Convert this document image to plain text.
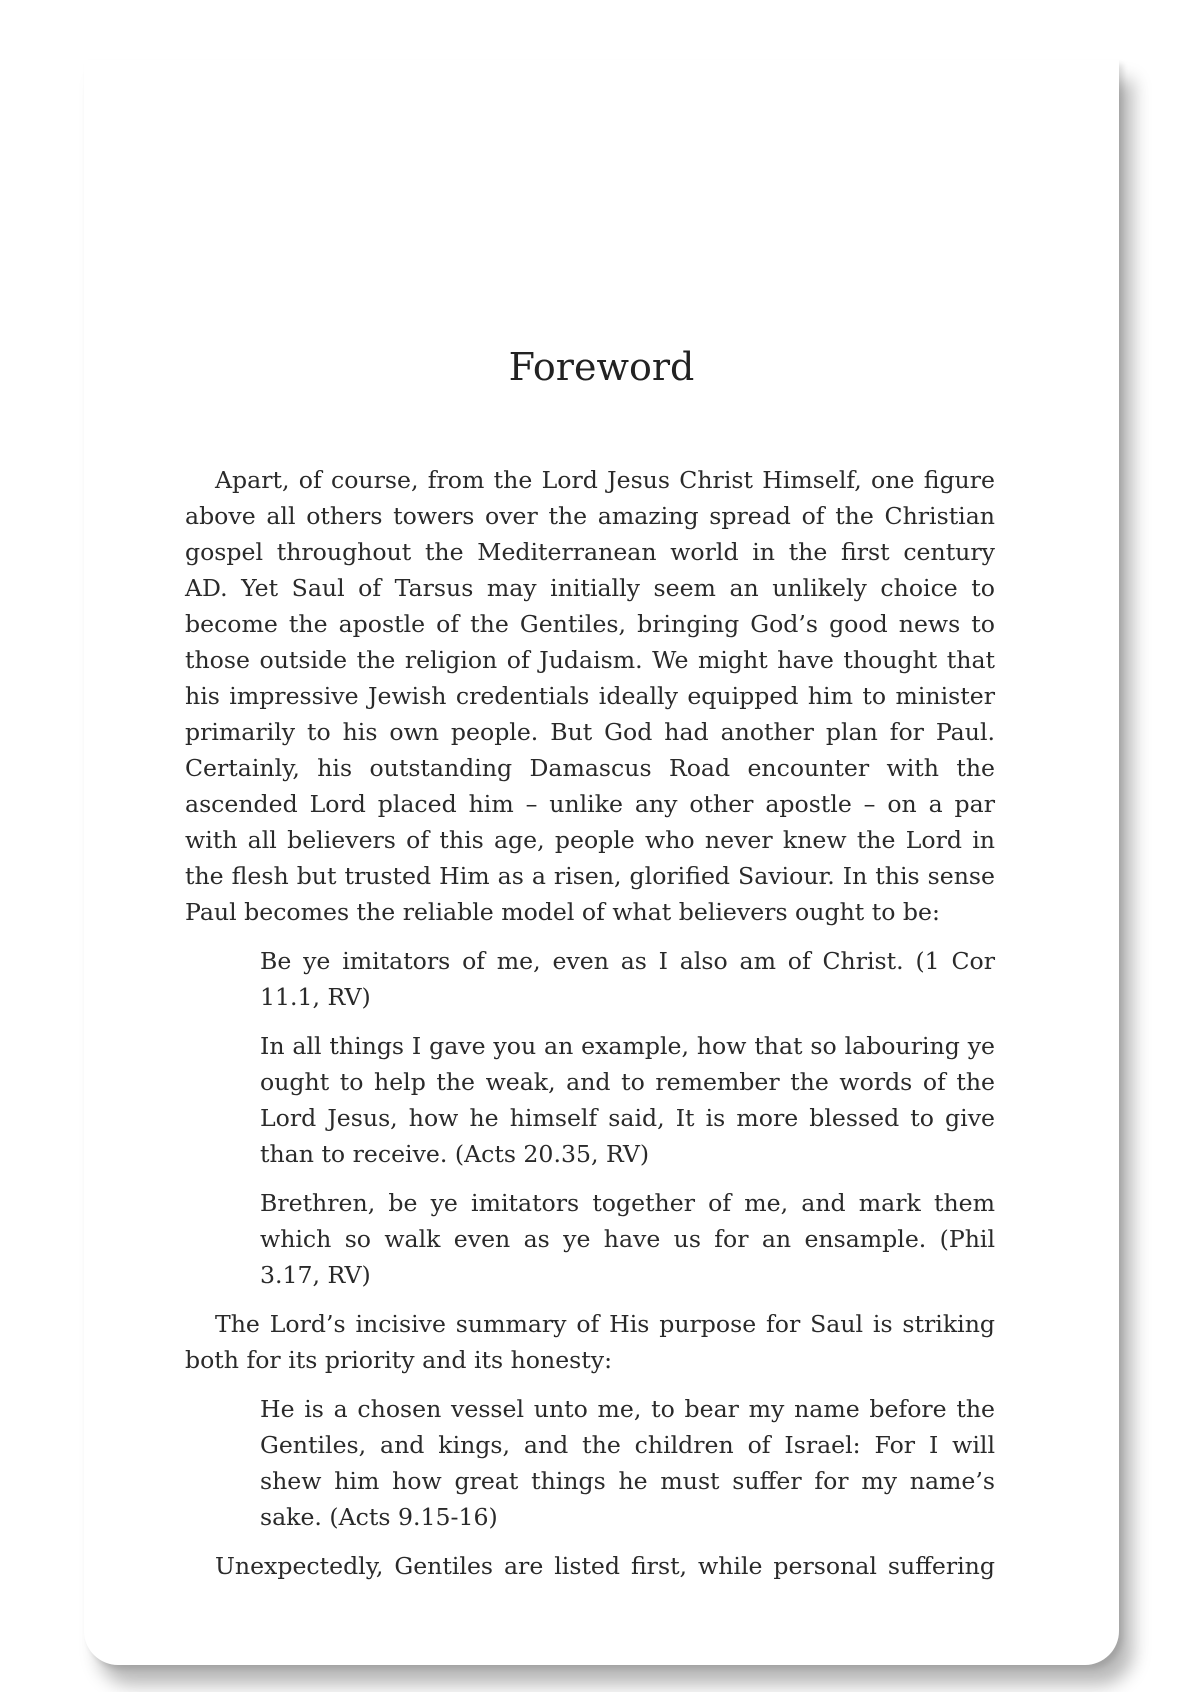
Foreword

Apart, of course, from the Lord Jesus Christ Himself, one figure above all others towers over the amazing spread of the Christian gospel throughout the Mediterranean world in the first century AD. Yet Saul of Tarsus may initially seem an unlikely choice to become the apostle of the Gentiles, bringing God’s good news to those outside the religion of Judaism. We might have thought that his impressive Jewish credentials ideally equipped him to minister primarily to his own people. But God had another plan for Paul. Certainly, his outstanding Damascus Road encounter with the ascended Lord placed him – unlike any other apostle – on a par with all believers of this age, people who never knew the Lord in the flesh but trusted Him as a risen, glorified Saviour. In this sense Paul becomes the reliable model of what believers ought to be:

Be ye imitators of me, even as I also am of Christ. (1 Cor 11.1, RV)

In all things I gave you an example, how that so labouring ye ought to help the weak, and to remember the words of the Lord Jesus, how he himself said, It is more blessed to give than to receive. (Acts 20.35, RV)

Brethren, be ye imitators together of me, and mark them which so walk even as ye have us for an ensample. (Phil 3.17, RV)

The Lord’s incisive summary of His purpose for Saul is striking both for its priority and its honesty:

He is a chosen vessel unto me, to bear my name before the Gentiles, and kings, and the children of Israel: For I will shew him how great things he must suffer for my name’s sake. (Acts 9.15-16)

Unexpectedly, Gentiles are listed first, while personal suffering
